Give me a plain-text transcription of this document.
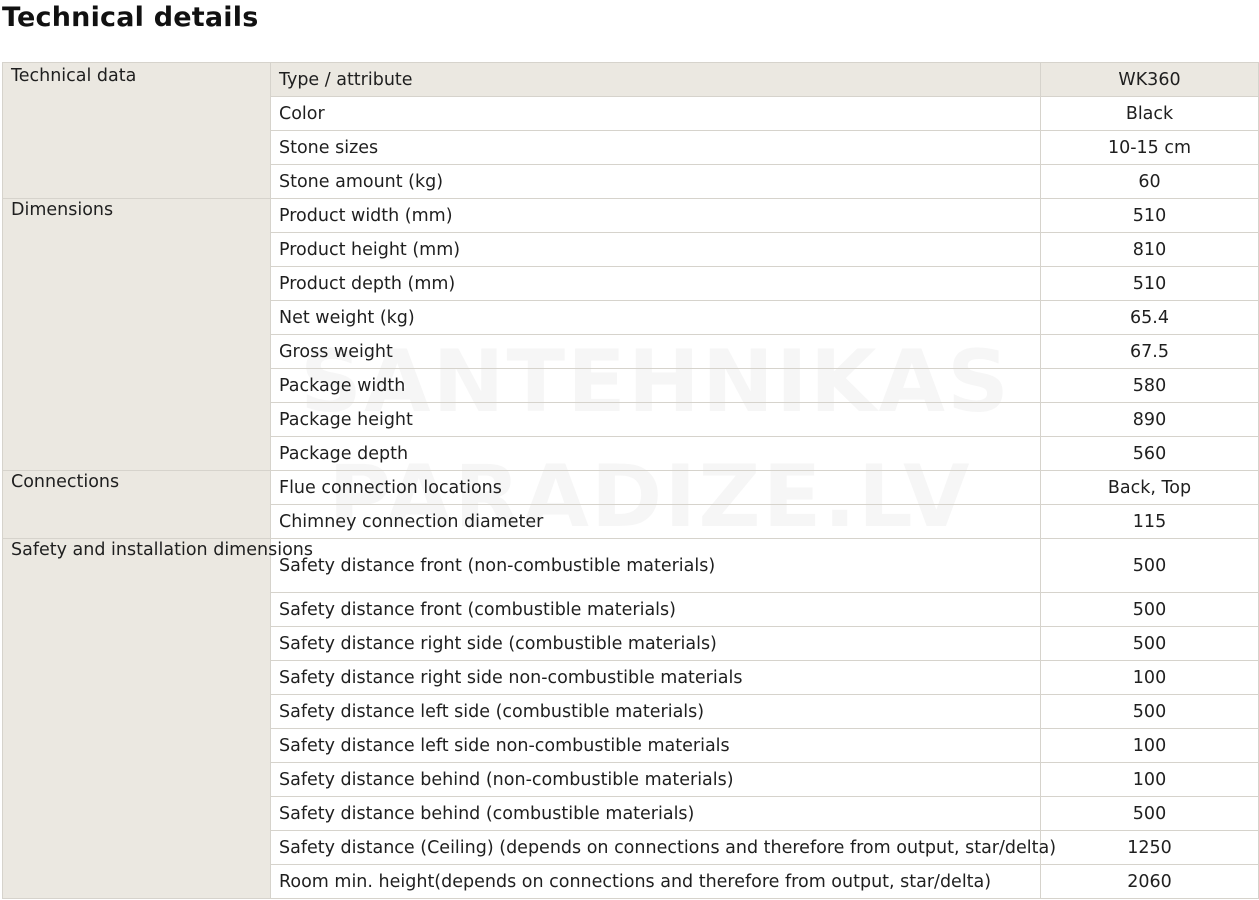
Technical details
Technical data	Type / attribute	WK360
	Color	Black
	Stone sizes	10-15 cm
	Stone amount (kg)	60
Dimensions	Product width (mm)	510
	Product height (mm)	810
	Product depth (mm)	510
	Net weight (kg)	65.4
	Gross weight	67.5
	Package width	580
	Package height	890
	Package depth	560
Connections	Flue connection locations	Back, Top
	Chimney connection diameter	115
Safety and installation dimensions	Safety distance front (non-combustible materials)	500
	Safety distance front (combustible materials)	500
	Safety distance right side (combustible materials)	500
	Safety distance right side non-combustible materials	100
	Safety distance left side (combustible materials)	500
	Safety distance left side non-combustible materials	100
	Safety distance behind (non-combustible materials)	100
	Safety distance behind (combustible materials)	500
	Safety distance (Ceiling) (depends on connections and therefore from output, star/delta)	1250
	Room min. height(depends on connections and therefore from output, star/delta)	2060
